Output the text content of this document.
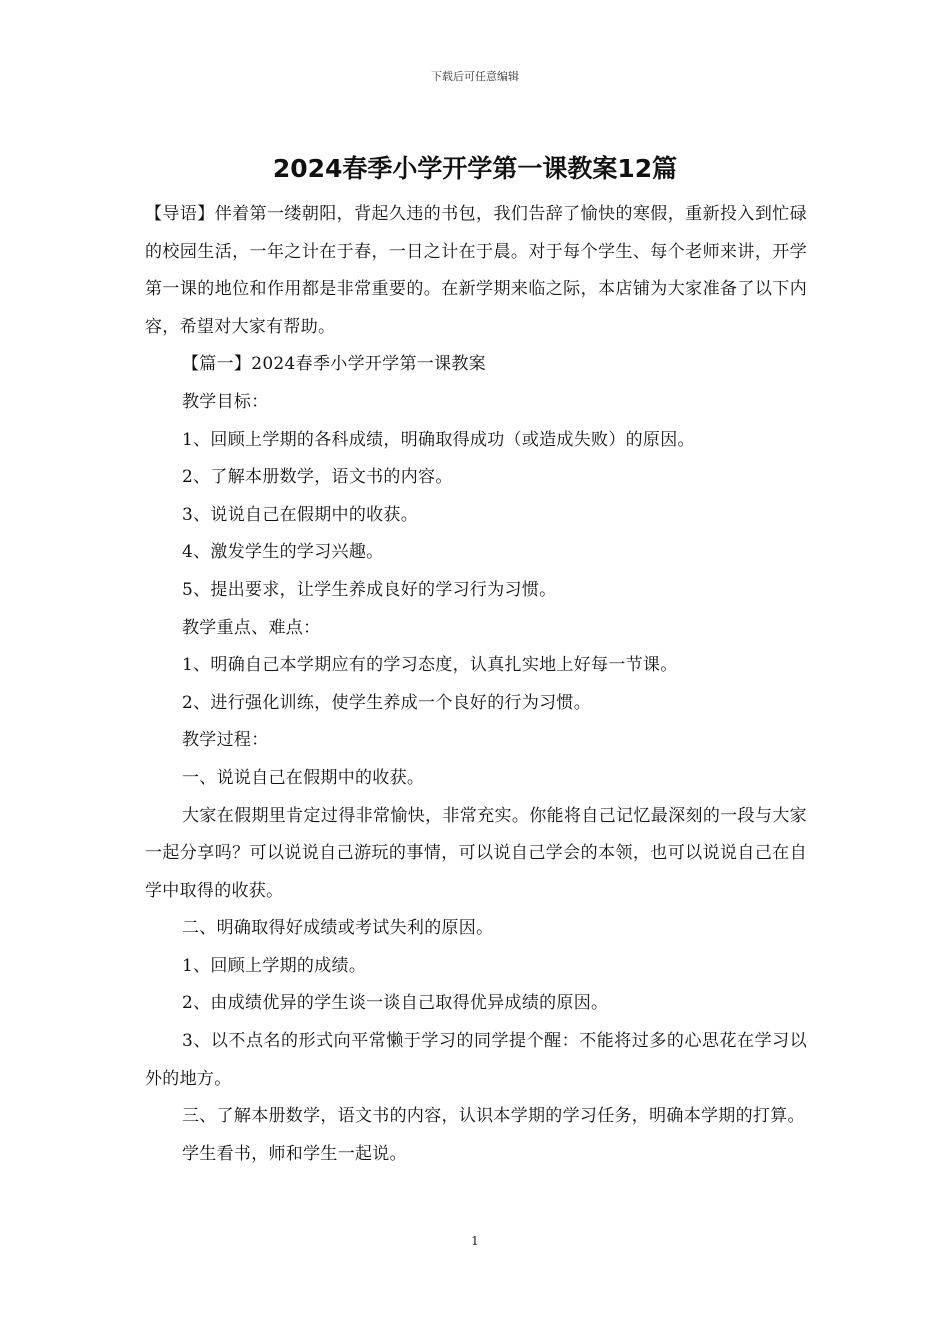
下载后可任意编辑
2024春季小学开学第一课教案12篇

【导语】伴着第一缕朝阳，背起久违的书包，我们告辞了愉快的寒假，重新投入到忙碌的校园生活，一年之计在于春，一日之计在于晨。对于每个学生、每个老师来讲，开学第一课的地位和作用都是非常重要的。在新学期来临之际，本店铺为大家准备了以下内容，希望对大家有帮助。

【篇一】2024春季小学开学第一课教案

教学目标：

1、回顾上学期的各科成绩，明确取得成功（或造成失败）的原因。

2、了解本册数学，语文书的内容。

3、说说自己在假期中的收获。

4、激发学生的学习兴趣。

5、提出要求，让学生养成良好的学习行为习惯。

教学重点、难点：

1、明确自己本学期应有的学习态度，认真扎实地上好每一节课。

2、进行强化训练，使学生养成一个良好的行为习惯。

教学过程：

一、说说自己在假期中的收获。

大家在假期里肯定过得非常愉快，非常充实。你能将自己记忆最深刻的一段与大家一起分享吗？可以说说自己游玩的事情，可以说自己学会的本领，也可以说说自己在自学中取得的收获。

二、明确取得好成绩或考试失利的原因。

1、回顾上学期的成绩。

2、由成绩优异的学生谈一谈自己取得优异成绩的原因。

3、以不点名的形式向平常懒于学习的同学提个醒：不能将过多的心思花在学习以外的地方。

三、了解本册数学，语文书的内容，认识本学期的学习任务，明确本学期的打算。

学生看书，师和学生一起说。

1
